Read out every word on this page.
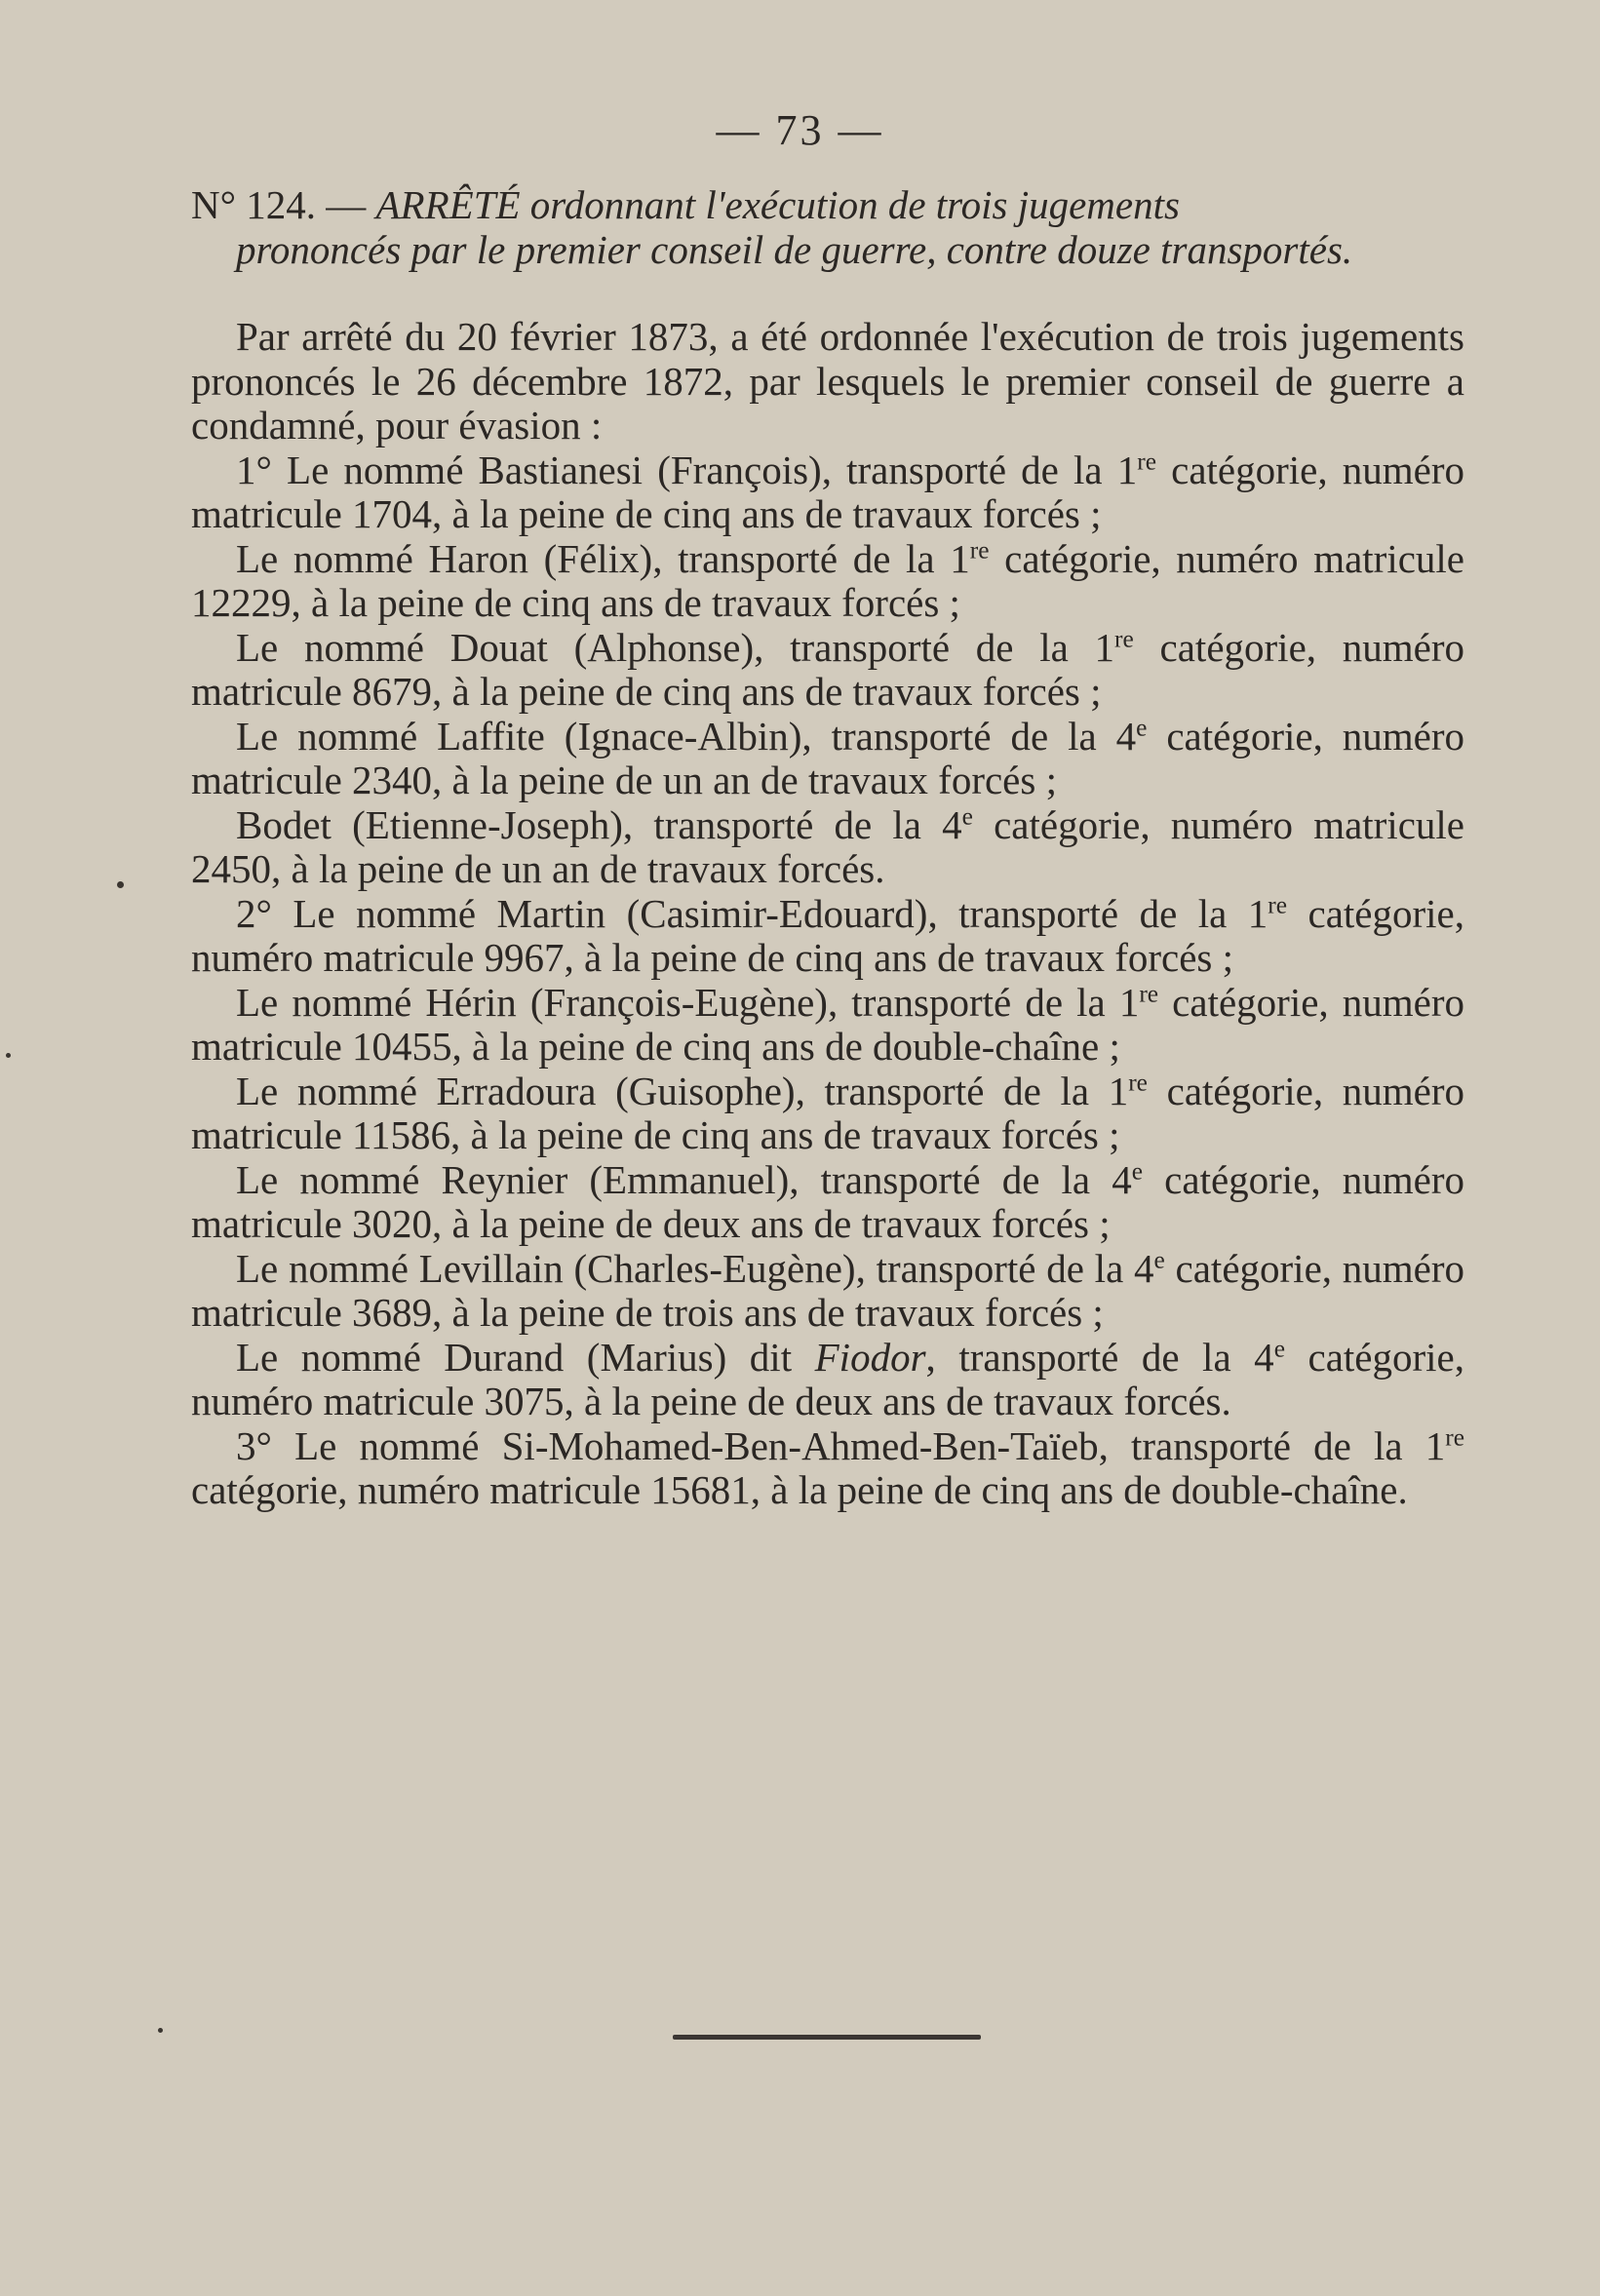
— 73 —

N° 124. — ARRÊTÉ ordonnant l'exécution de trois jugements
prononcés par le premier conseil de guerre, contre douze transportés.

Par arrêté du 20 février 1873, a été ordonnée l'exécution de trois jugements prononcés le 26 décembre 1872, par lesquels le premier conseil de guerre a condamné, pour évasion :

1° Le nommé Bastianesi (François), transporté de la 1re catégorie, numéro matricule 1704, à la peine de cinq ans de travaux forcés ;

Le nommé Haron (Félix), transporté de la 1re catégorie, numéro matricule 12229, à la peine de cinq ans de travaux forcés ;

Le nommé Douat (Alphonse), transporté de la 1re catégorie, numéro matricule 8679, à la peine de cinq ans de travaux forcés ;

Le nommé Laffite (Ignace-Albin), transporté de la 4e catégorie, numéro matricule 2340, à la peine de un an de travaux forcés ;

Bodet (Etienne-Joseph), transporté de la 4e catégorie, numéro matricule 2450, à la peine de un an de travaux forcés.

2° Le nommé Martin (Casimir-Edouard), transporté de la 1re catégorie, numéro matricule 9967, à la peine de cinq ans de travaux forcés ;

Le nommé Hérin (François-Eugène), transporté de la 1re catégorie, numéro matricule 10455, à la peine de cinq ans de double-chaîne ;

Le nommé Erradoura (Guisophe), transporté de la 1re catégorie, numéro matricule 11586, à la peine de cinq ans de travaux forcés ;

Le nommé Reynier (Emmanuel), transporté de la 4e catégorie, numéro matricule 3020, à la peine de deux ans de travaux forcés ;

Le nommé Levillain (Charles-Eugène), transporté de la 4e catégorie, numéro matricule 3689, à la peine de trois ans de travaux forcés ;

Le nommé Durand (Marius) dit Fiodor, transporté de la 4e catégorie, numéro matricule 3075, à la peine de deux ans de travaux forcés.

3° Le nommé Si-Mohamed-Ben-Ahmed-Ben-Taïeb, transporté de la 1re catégorie, numéro matricule 15681, à la peine de cinq ans de double-chaîne.
